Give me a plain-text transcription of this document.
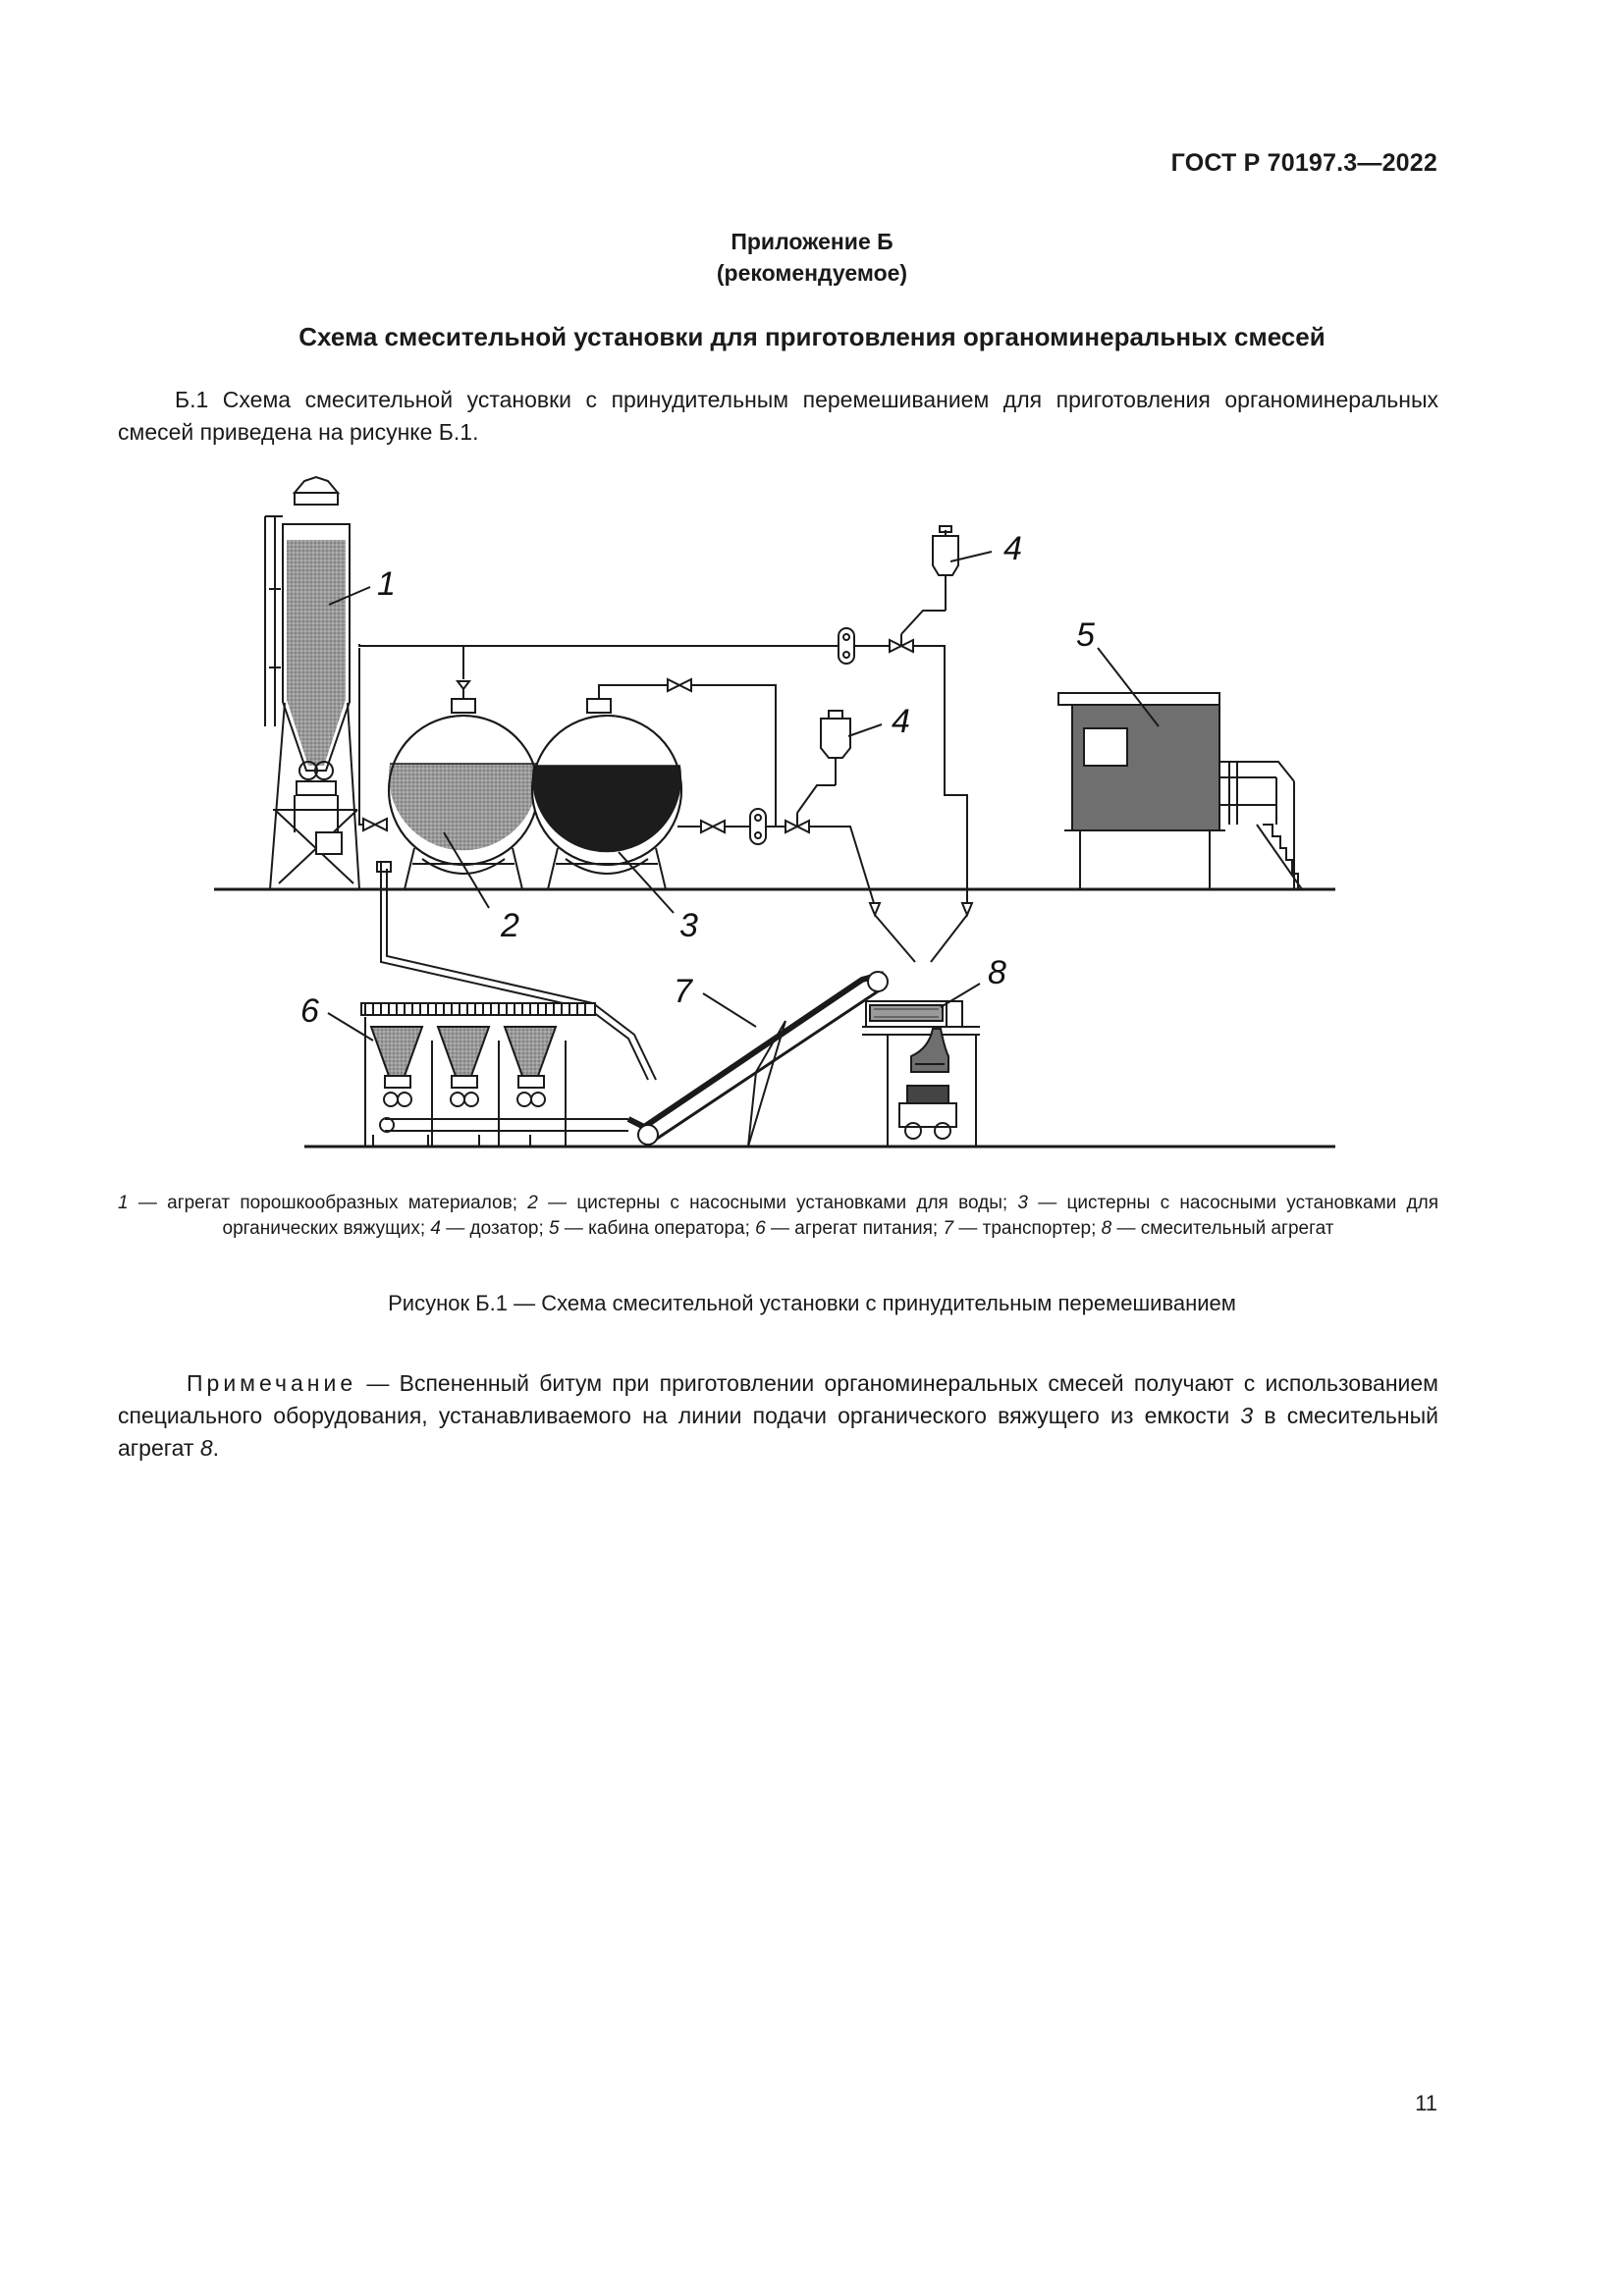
ГОСТ Р 70197.3—2022
Приложение Б
(рекомендуемое)
Схема смесительной установки для приготовления органоминеральных смесей
Б.1 Схема смесительной установки с принудительным перемешиванием для приготовления органоминеральных смесей приведена на рисунке Б.1.
1
2	3
4
4
5
6
7	8
1 — агрегат порошкообразных материалов; 2 — цистерны с насосными установками для воды; 3 — цистерны с насосными установками для органических вяжущих; 4 — дозатор; 5 — кабина оператора; 6 — агрегат питания; 7 — транспортер; 8 — смесительный агрегат
Рисунок Б.1 — Схема смесительной установки с принудительным перемешиванием
Примечание — Вспененный битум при приготовлении органоминеральных смесей получают с использованием специального оборудования, устанавливаемого на линии подачи органического вяжущего из емкости 3 в смесительный агрегат 8.
11
